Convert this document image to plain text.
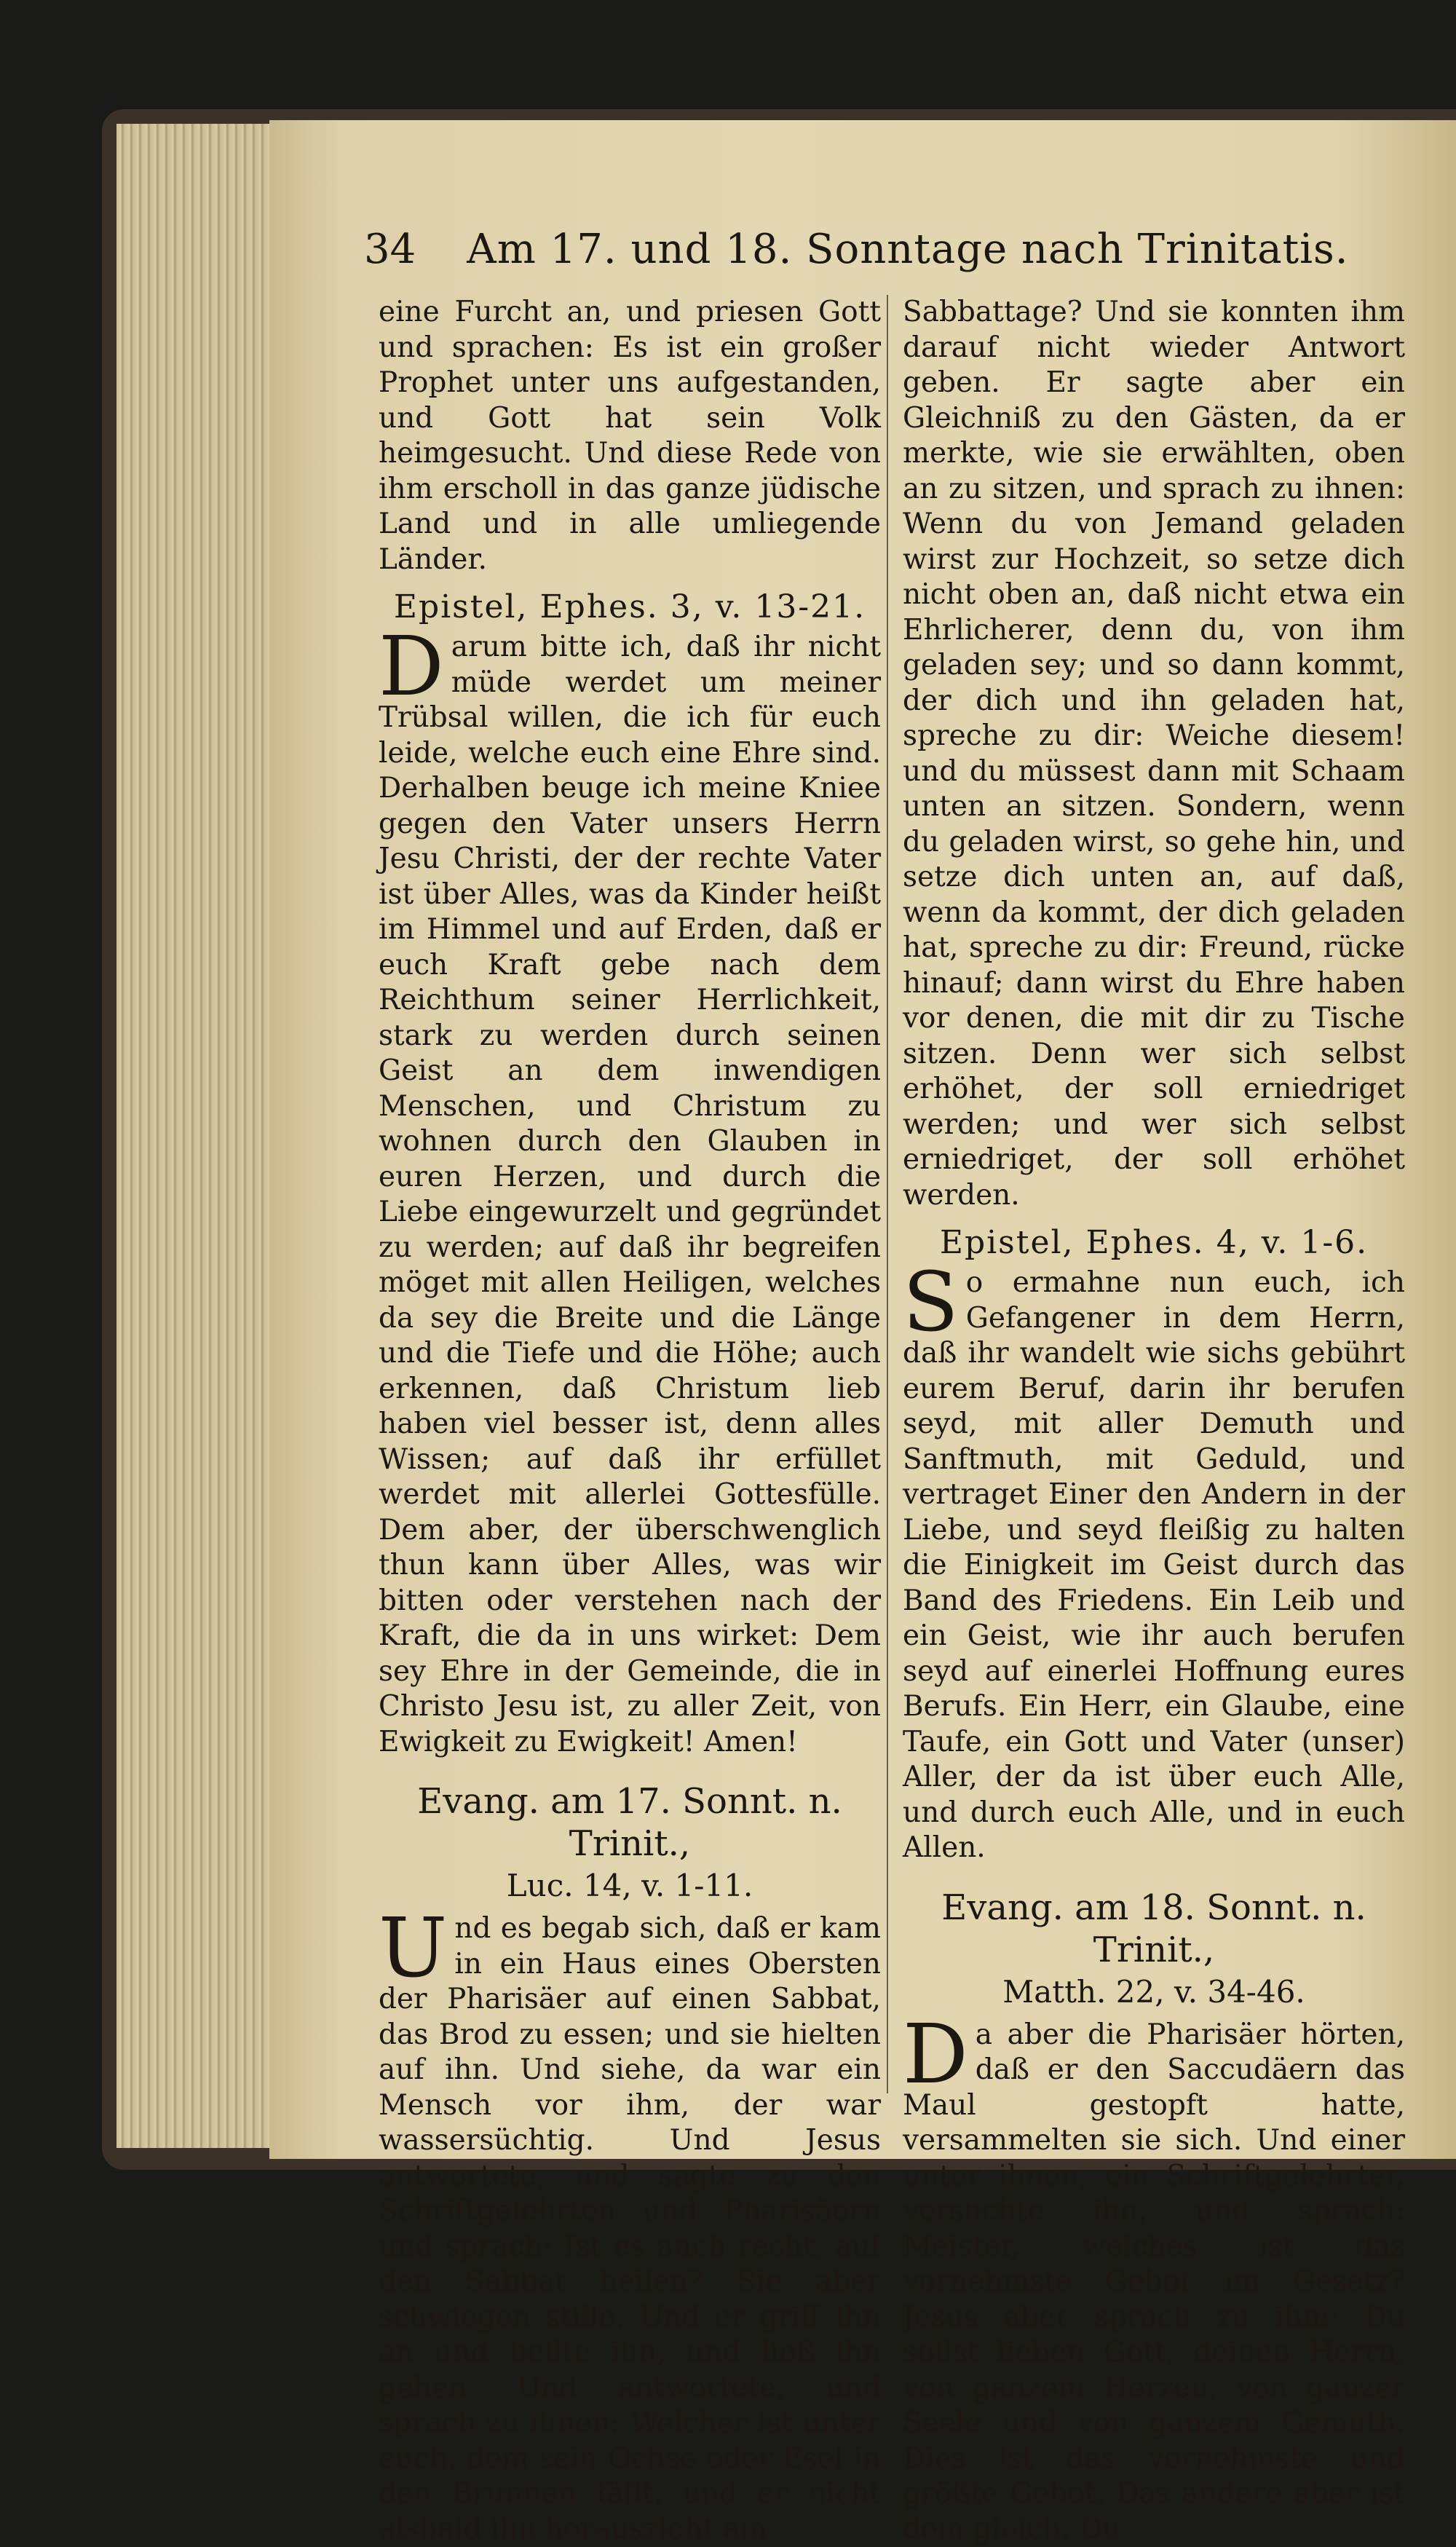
34 Am 17. und 18. Sonntage nach Trinitatis.

eine Furcht an, und priesen Gott und sprachen: Es ist ein großer Prophet unter uns aufgestanden, und Gott hat sein Volk heimgesucht. Und diese Rede von ihm erscholl in das ganze jüdische Land und in alle umliegende Länder.

Epistel, Ephes. 3, v. 13-21.

Darum bitte ich, daß ihr nicht müde werdet um meiner Trübsal willen, die ich für euch leide, welche euch eine Ehre sind. Derhalben beuge ich meine Kniee gegen den Vater unsers Herrn Jesu Christi, der der rechte Vater ist über Alles, was da Kinder heißt im Himmel und auf Erden, daß er euch Kraft gebe nach dem Reichthum seiner Herrlichkeit, stark zu werden durch seinen Geist an dem inwendigen Menschen, und Christum zu wohnen durch den Glauben in euren Herzen, und durch die Liebe eingewurzelt und gegründet zu werden; auf daß ihr begreifen möget mit allen Heiligen, welches da sey die Breite und die Länge und die Tiefe und die Höhe; auch erkennen, daß Christum lieb haben viel besser ist, denn alles Wissen; auf daß ihr erfüllet werdet mit allerlei Gottesfülle. Dem aber, der überschwenglich thun kann über Alles, was wir bitten oder verstehen nach der Kraft, die da in uns wirket: Dem sey Ehre in der Gemeinde, die in Christo Jesu ist, zu aller Zeit, von Ewigkeit zu Ewigkeit! Amen!

Evang. am 17. Sonnt. n. Trinit.,
Luc. 14, v. 1-11.

Und es begab sich, daß er kam in ein Haus eines Obersten der Pharisäer auf einen Sabbat, das Brod zu essen; und sie hielten auf ihn. Und siehe, da war ein Mensch vor ihm, der war wassersüchtig. Und Jesus antwortete, und sagte zu den Schriftgelehrten und Pharisäern und sprach: Ist es auch recht, auf den Sabbat heilen? Sie aber schwiegen stille. Und er griff ihn an und heilte ihn, und ließ ihn gehen. Und antwortete, und sprach zu ihnen: Welcher ist unter euch, dem sein Ochse oder Esel in den Brunnen fällt, und er nicht alsbald ihn herauszieht am

Sabbattage? Und sie konnten ihm darauf nicht wieder Antwort geben. Er sagte aber ein Gleichniß zu den Gästen, da er merkte, wie sie erwählten, oben an zu sitzen, und sprach zu ihnen: Wenn du von Jemand geladen wirst zur Hochzeit, so setze dich nicht oben an, daß nicht etwa ein Ehrlicherer, denn du, von ihm geladen sey; und so dann kommt, der dich und ihn geladen hat, spreche zu dir: Weiche diesem! und du müssest dann mit Schaam unten an sitzen. Sondern, wenn du geladen wirst, so gehe hin, und setze dich unten an, auf daß, wenn da kommt, der dich geladen hat, spreche zu dir: Freund, rücke hinauf; dann wirst du Ehre haben vor denen, die mit dir zu Tische sitzen. Denn wer sich selbst erhöhet, der soll erniedriget werden; und wer sich selbst erniedriget, der soll erhöhet werden.

Epistel, Ephes. 4, v. 1-6.

So ermahne nun euch, ich Gefangener in dem Herrn, daß ihr wandelt wie sichs gebührt eurem Beruf, darin ihr berufen seyd, mit aller Demuth und Sanftmuth, mit Geduld, und vertraget Einer den Andern in der Liebe, und seyd fleißig zu halten die Einigkeit im Geist durch das Band des Friedens. Ein Leib und ein Geist, wie ihr auch berufen seyd auf einerlei Hoffnung eures Berufs. Ein Herr, ein Glaube, eine Taufe, ein Gott und Vater (unser) Aller, der da ist über euch Alle, und durch euch Alle, und in euch Allen.

Evang. am 18. Sonnt. n. Trinit.,
Matth. 22, v. 34-46.

Da aber die Pharisäer hörten, daß er den Saccudäern das Maul gestopft hatte, versammelten sie sich. Und einer unter ihnen, ein Schriftgelehrter, versuchte ihn, und sprach: Meister, welches ist das vornehmste Gebot im Gesetz? Jesus aber sprach zu ihm: Du sollst lieben Gott, deinen Herrn, von ganzem Herzen, von ganzer Seele und von ganzem Gemüth. Dies ist das vornehmste und größte Gebot. Das andere aber ist dem gleich: Du
